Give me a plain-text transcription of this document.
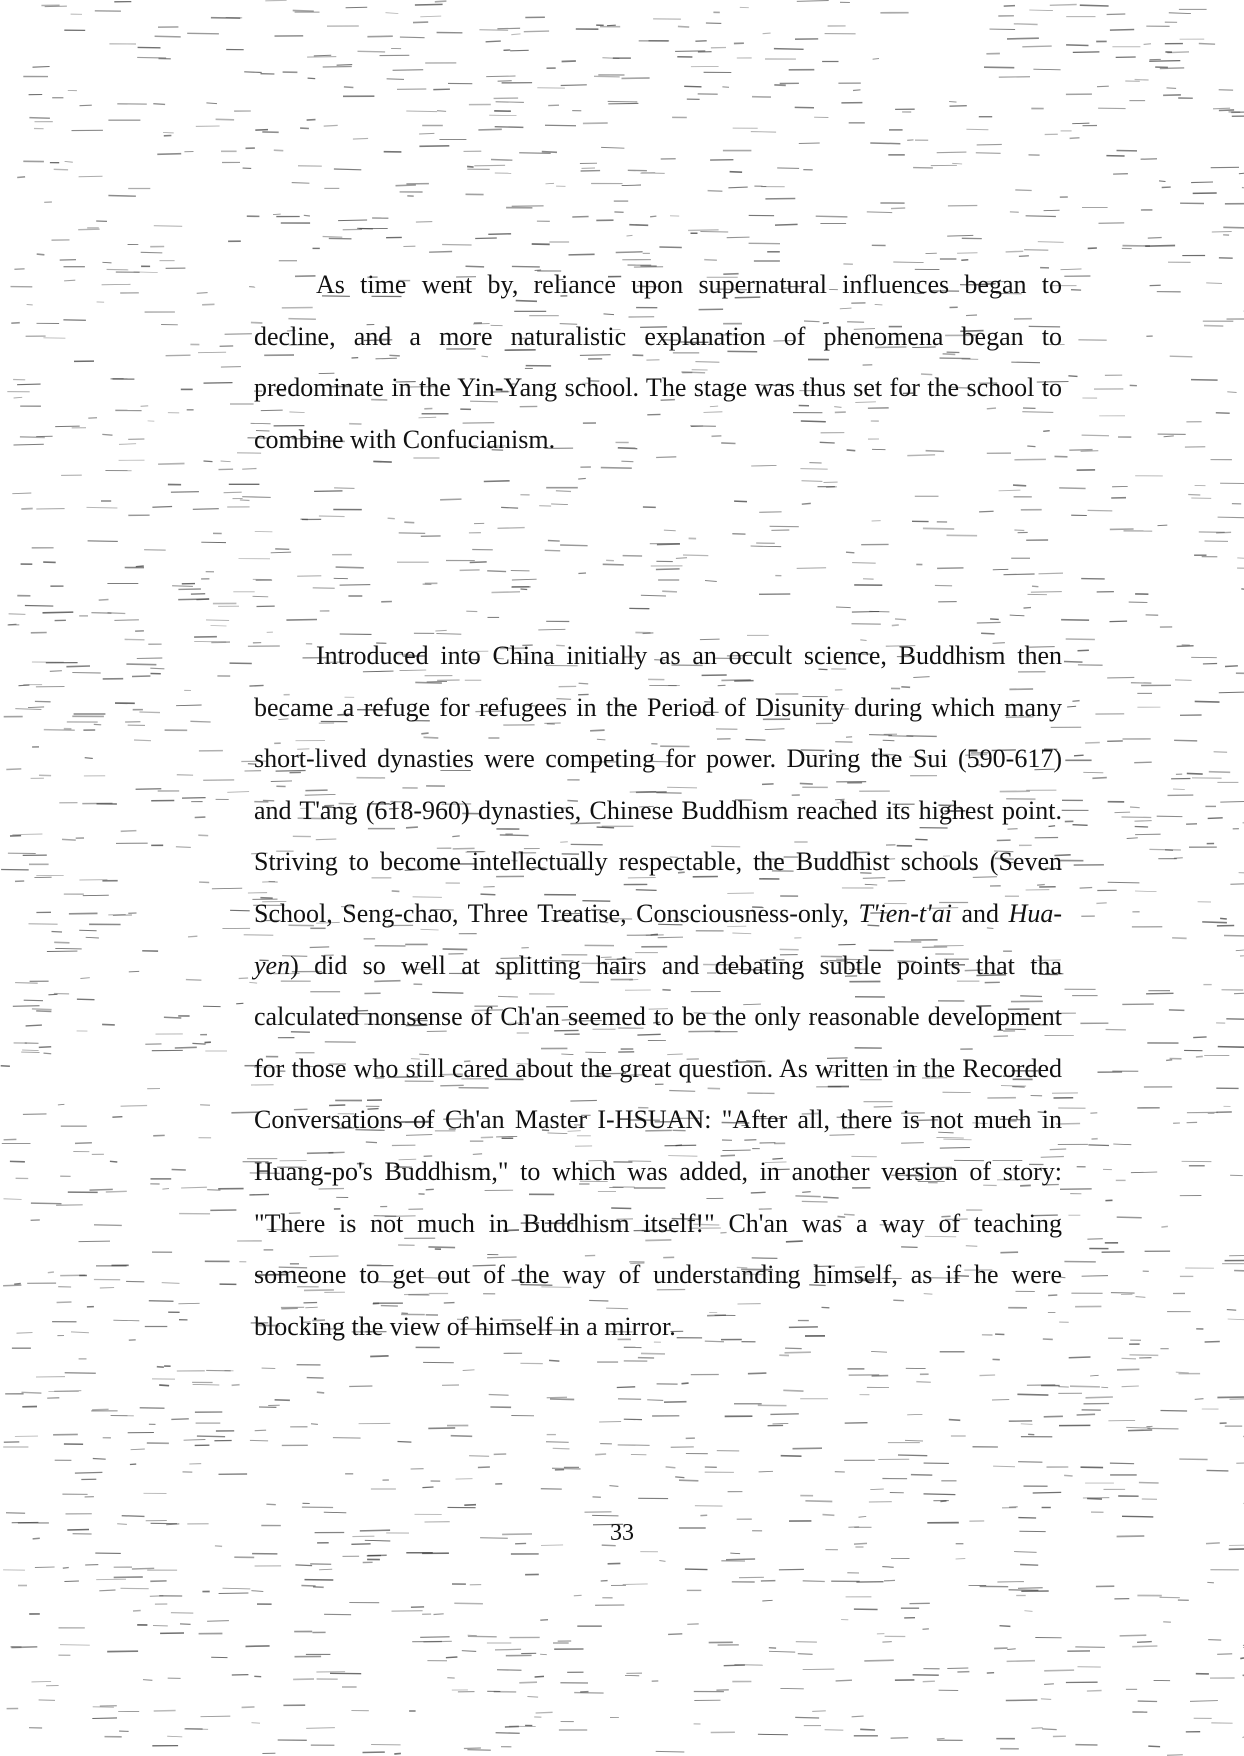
As time went by, reliance upon supernatural influences began to decline, and a more naturalistic explanation of phenomena began to predominate in the Yin-Yang school. The stage was thus set for the school to combine with Confucianism.

Introduced into China initially as an occult science, Buddhism then became a refuge for refugees in the Period of Disunity during which many short-lived dynasties were competing for power. During the Sui (590-617) and T'ang (618-960) dynasties, Chinese Buddhism reached its highest point. Striving to become intellectually respectable, the Buddhist schools (Seven School, Seng-chao, Three Treatise, Consciousness-only, T'ien-t'ai and Hua-yen) did so well at splitting hairs and debating subtle points that tha calculated nonsense of Ch'an seemed to be the only reasonable development for those who still cared about the great question. As written in the Recorded Conversations of Ch'an Master I-HSUAN: "After all, there is not much in Huang-po's Buddhism," to which was added, in another version of story: "There is not much in Buddhism itself!" Ch'an was a way of teaching someone to get out of the way of understanding himself, as if he were blocking the view of himself in a mirror.

33
